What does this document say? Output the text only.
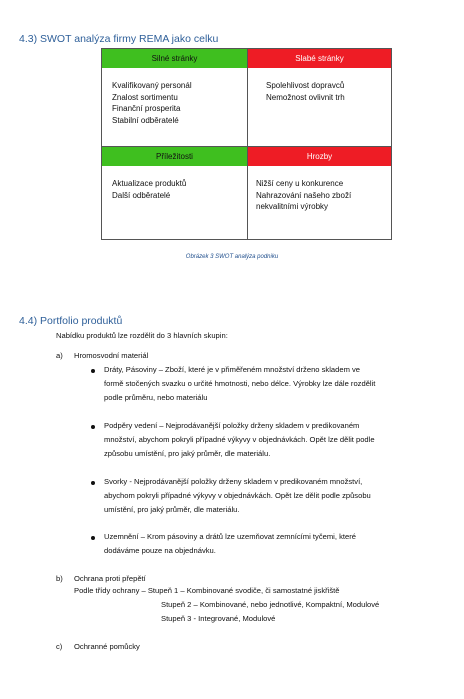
4.3) SWOT analýza firmy REMA jako celku
Silné stránky
Kvalifikovaný personál
Znalost sortimentu
Finanční prosperita
Stabilní odběratelé
Slabé stránky
Spolehlivost dopravců
Nemožnost ovlivnit trh
Příležitosti
Aktualizace produktů
Další odběratelé
Hrozby
Nižší ceny u konkurence
Nahrazování našeho zboží
nekvalitními výrobky
Obrázek 3 SWOT analýza podniku
4.4) Portfolio produktů
Nabídku produktů lze rozdělit do 3 hlavních skupin:
a) Hromosvodní materiál
Dráty, Pásoviny – Zboží, které je v přiměřeném množství drženo skladem ve
formě stočených svazku o určité hmotnosti, nebo délce. Výrobky lze dále rozdělit
podle průměru, nebo materiálu
Podpěry vedení – Nejprodávanější položky drženy skladem v predikovaném
množství, abychom pokryli případné výkyvy v objednávkách. Opět lze dělit podle
způsobu umístění, pro jaký průměr, dle materiálu.
Svorky - Nejprodávanější položky drženy skladem v predikovaném množství,
abychom pokryli případné výkyvy v objednávkách. Opět lze dělit podle způsobu
umístění, pro jaký průměr, dle materiálu.
Uzemnění – Krom pásoviny a drátů lze uzemňovat zemnícími tyčemi, které
dodáváme pouze na objednávku.
b) Ochrana proti přepětí
Podle třídy ochrany – Stupeň 1 – Kombinované svodiče, či samostatné jiskřiště
Stupeň 2 – Kombinované, nebo jednotlivé, Kompaktní, Modulové
Stupeň 3 - Integrované, Modulové
c) Ochranné pomůcky
